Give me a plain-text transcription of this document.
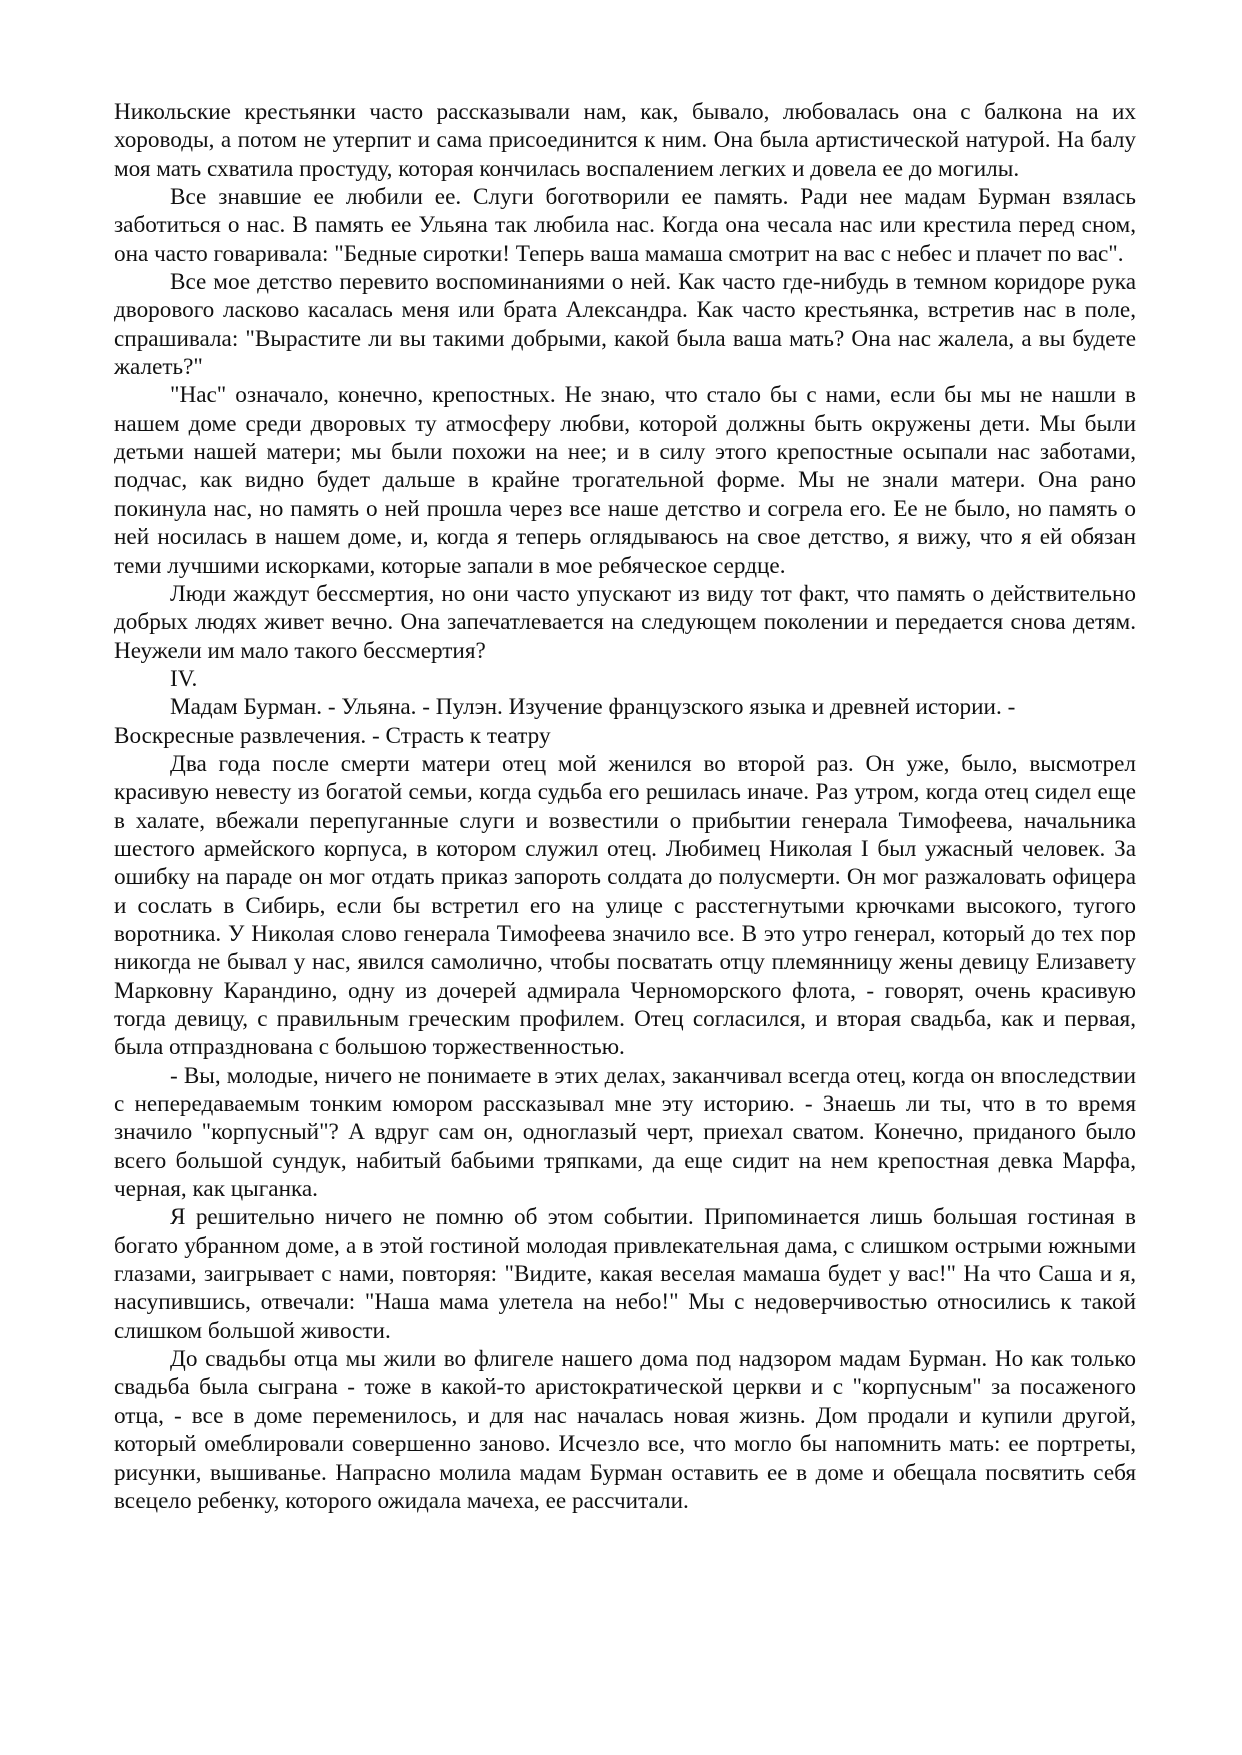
Никольские крестьянки часто рассказывали нам, как, бывало, любовалась она с балкона на их хороводы, а потом не утерпит и сама присоединится к ним. Она была артистической натурой. На балу моя мать схватила простуду, которая кончилась воспалением легких и довела ее до могилы.

Все знавшие ее любили ее. Слуги боготворили ее память. Ради нее мадам Бурман взялась заботиться о нас. В память ее Ульяна так любила нас. Когда она чесала нас или крестила перед сном, она часто говаривала: "Бедные сиротки! Теперь ваша мамаша смотрит на вас с небес и плачет по вас".

Все мое детство перевито воспоминаниями о ней. Как часто где-нибудь в темном коридоре рука дворового ласково касалась меня или брата Александра. Как часто крестьянка, встретив нас в поле, спрашивала: "Вырастите ли вы такими добрыми, какой была ваша мать? Она нас жалела, а вы будете жалеть?"

"Нас" означало, конечно, крепостных. Не знаю, что стало бы с нами, если бы мы не нашли в нашем доме среди дворовых ту атмосферу любви, которой должны быть окружены дети. Мы были детьми нашей матери; мы были похожи на нее; и в силу этого крепостные осыпали нас заботами, подчас, как видно будет дальше в крайне трогательной форме. Мы не знали матери. Она рано покинула нас, но память о ней прошла через все наше детство и согрела его. Ее не было, но память о ней носилась в нашем доме, и, когда я теперь оглядываюсь на свое детство, я вижу, что я ей обязан теми лучшими искорками, которые запали в мое ребяческое сердце.

Люди жаждут бессмертия, но они часто упускают из виду тот факт, что память о действительно добрых людях живет вечно. Она запечатлевается на следующем поколении и передается снова детям. Неужели им мало такого бессмертия?

IV.

Мадам Бурман. - Ульяна. - Пулэн. Изучение французского языка и древней истории. - Воскресные развлечения. - Страсть к театру

Два года после смерти матери отец мой женился во второй раз. Он уже, было, высмотрел красивую невесту из богатой семьи, когда судьба его решилась иначе. Раз утром, когда отец сидел еще в халате, вбежали перепуганные слуги и возвестили о прибытии генерала Тимофеева, начальника шестого армейского корпуса, в котором служил отец. Любимец Николая I был ужасный человек. За ошибку на параде он мог отдать приказ запороть солдата до полусмерти. Он мог разжаловать офицера и сослать в Сибирь, если бы встретил его на улице с расстегнутыми крючками высокого, тугого воротника. У Николая слово генерала Тимофеева значило все. В это утро генерал, который до тех пор никогда не бывал у нас, явился самолично, чтобы посватать отцу племянницу жены девицу Елизавету Марковну Карандино, одну из дочерей адмирала Черноморского флота, - говорят, очень красивую тогда девицу, с правильным греческим профилем. Отец согласился, и вторая свадьба, как и первая, была отпразднована с большою торжественностью.

- Вы, молодые, ничего не понимаете в этих делах, заканчивал всегда отец, когда он впоследствии с непередаваемым тонким юмором рассказывал мне эту историю. - Знаешь ли ты, что в то время значило "корпусный"? А вдруг сам он, одноглазый черт, приехал сватом. Конечно, приданого было всего большой сундук, набитый бабьими тряпками, да еще сидит на нем крепостная девка Марфа, черная, как цыганка.

Я решительно ничего не помню об этом событии. Припоминается лишь большая гостиная в богато убранном доме, а в этой гостиной молодая привлекательная дама, с слишком острыми южными глазами, заигрывает с нами, повторяя: "Видите, какая веселая мамаша будет у вас!" На что Саша и я, насупившись, отвечали: "Наша мама улетела на небо!" Мы с недоверчивостью относились к такой слишком большой живости.

До свадьбы отца мы жили во флигеле нашего дома под надзором мадам Бурман. Но как только свадьба была сыграна - тоже в какой-то аристократической церкви и с "корпусным" за посаженого отца, - все в доме переменилось, и для нас началась новая жизнь. Дом продали и купили другой, который омеблировали совершенно заново. Исчезло все, что могло бы напомнить мать: ее портреты, рисунки, вышиванье. Напрасно молила мадам Бурман оставить ее в доме и обещала посвятить себя всецело ребенку, которого ожидала мачеха, ее рассчитали.
